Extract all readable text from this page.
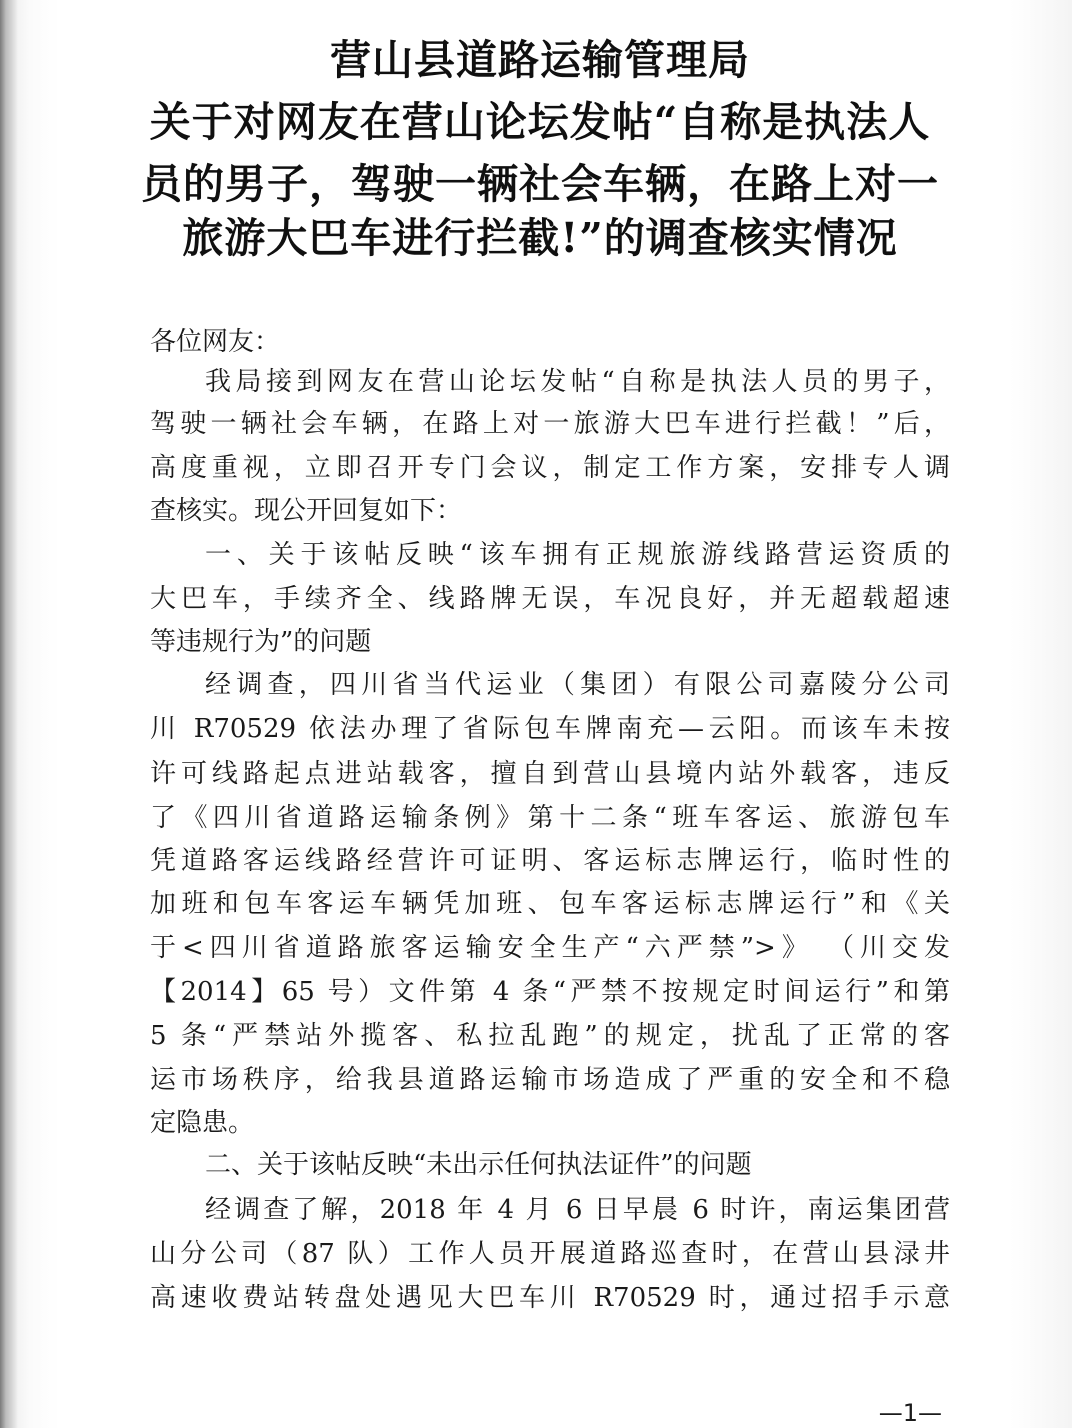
营山县道路运输管理局
关于对网友在营山论坛发帖“自称是执法人
员的男子，驾驶一辆社会车辆，在路上对一
旅游大巴车进行拦截!”的调查核实情况
各位网友：
我局接到网友在营山论坛发帖“自称是执法人员的男子，
驾驶一辆社会车辆，在路上对一旅游大巴车进行拦截！”后，
高度重视，立即召开专门会议，制定工作方案，安排专人调
查核实。现公开回复如下：
一、关于该帖反映“该车拥有正规旅游线路营运资质的
大巴车，手续齐全、线路牌无误，车况良好，并无超载超速
等违规行为”的问题
经调查，四川省当代运业（集团）有限公司嘉陵分公司
川 R70529 依法办理了省际包车牌南充—云阳。而该车未按
许可线路起点进站载客，擅自到营山县境内站外载客，违反
了《四川省道路运输条例》第十二条“班车客运、旅游包车
凭道路客运线路经营许可证明、客运标志牌运行，临时性的
加班和包车客运车辆凭加班、包车客运标志牌运行”和《关
于<四川省道路旅客运输安全生产“六严禁”>》 （川交发
【2014】65 号）文件第 4 条“严禁不按规定时间运行”和第
5 条“严禁站外揽客、私拉乱跑”的规定，扰乱了正常的客
运市场秩序，给我县道路运输市场造成了严重的安全和不稳
定隐患。
二、关于该帖反映“未出示任何执法证件”的问题
经调查了解，2018 年 4 月 6 日早晨 6 时许，南运集团营
山分公司（87 队）工作人员开展道路巡查时，在营山县渌井
高速收费站转盘处遇见大巴车川 R70529 时，通过招手示意
—1—
